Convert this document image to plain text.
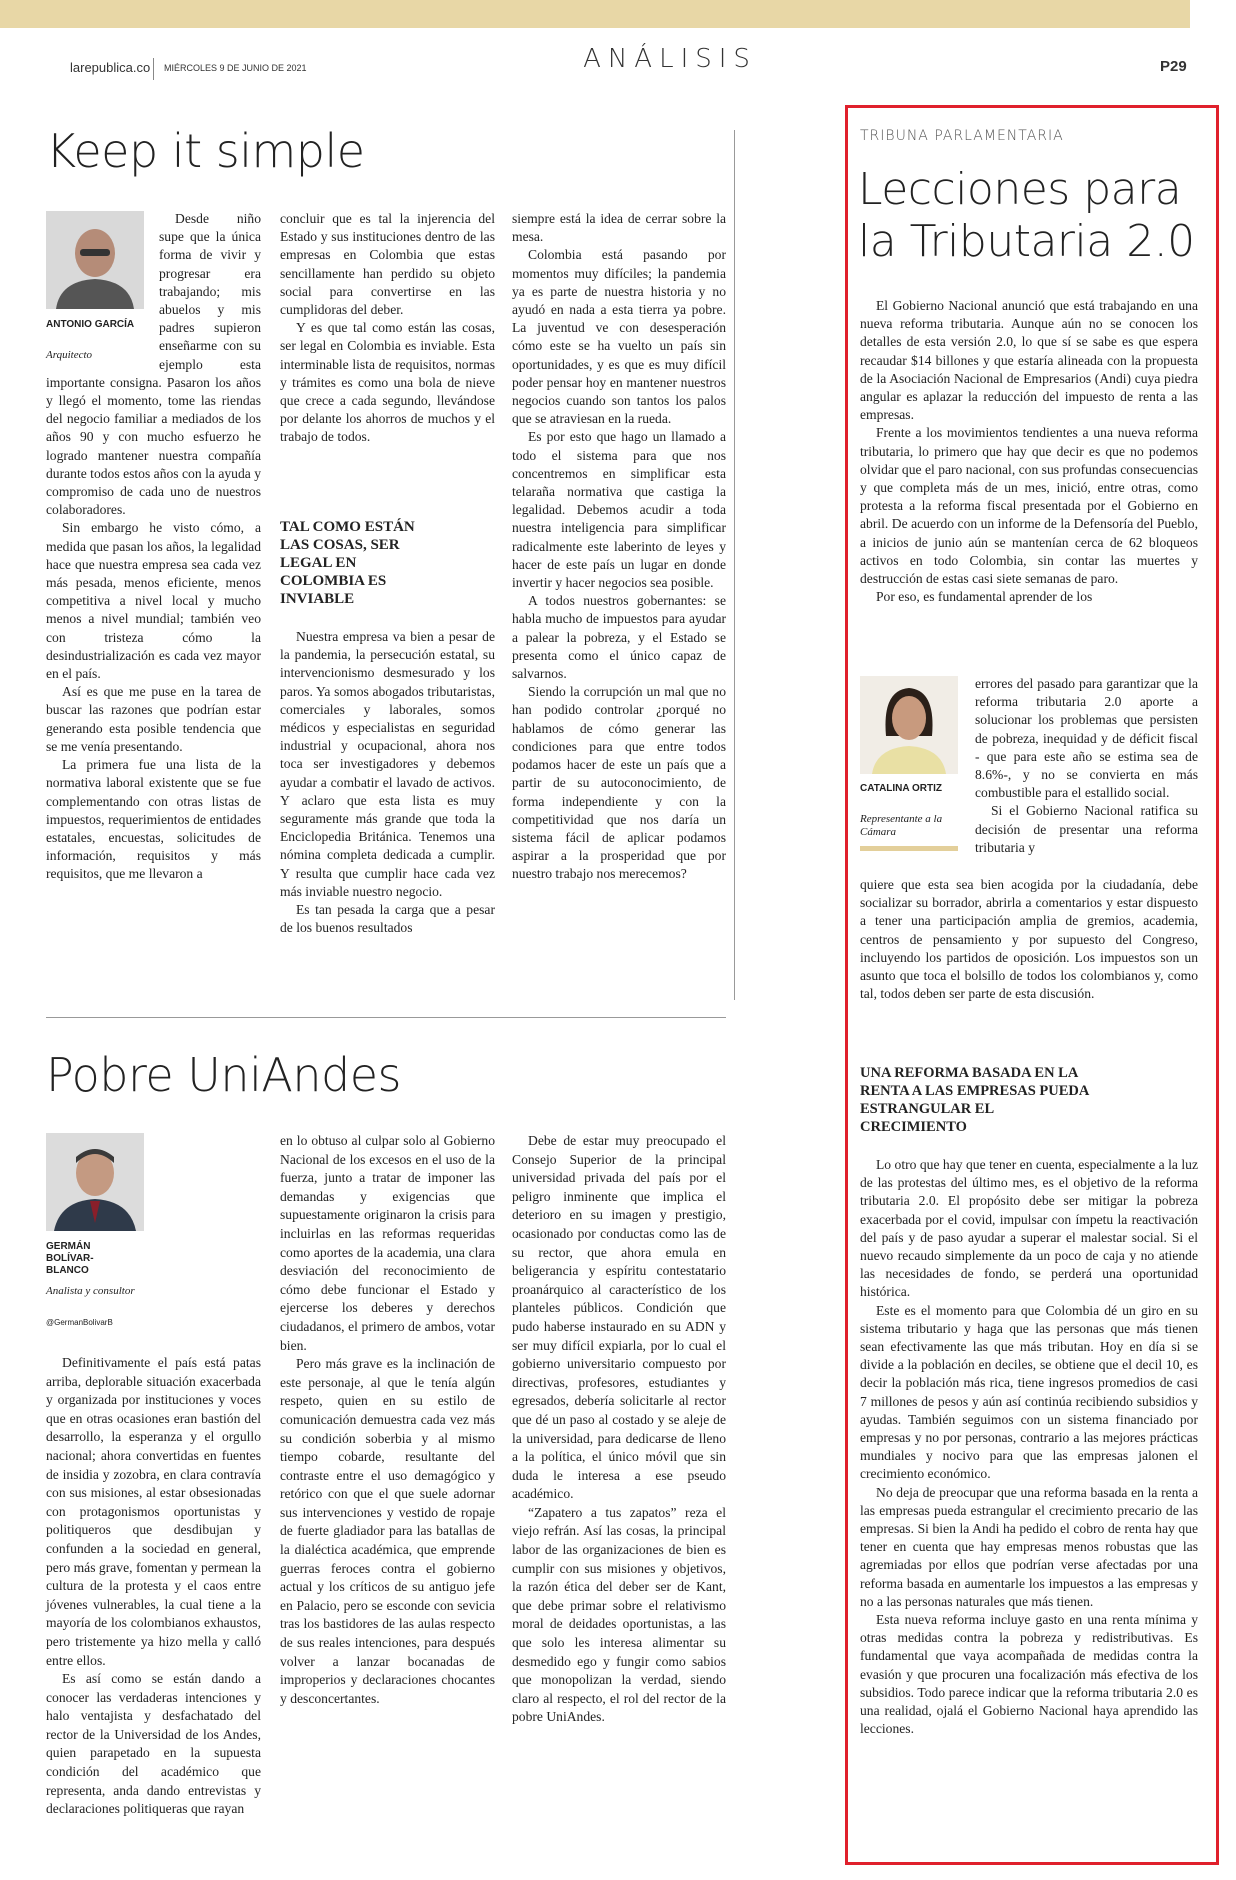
larepublica.co MIÉRCOLES 9 DE JUNIO DE 2021	ANÁLISIS	P29
Keep it simple
ANTONIO GARCÍA
Arquitecto

Desde niño supe que la única forma de vivir y progresar era trabajando; mis abuelos y mis padres supieron enseñarme con su ejemplo esta importante consigna. Pasaron los años y llegó el momento, tome las riendas del negocio familiar a mediados de los años 90 y con mucho esfuerzo he logrado mantener nuestra compañía durante todos estos años con la ayuda y compromiso de cada uno de nuestros colaboradores.

Sin embargo he visto cómo, a medida que pasan los años, la legalidad hace que nuestra empresa sea cada vez más pesada, menos eficiente, menos competitiva a nivel local y mucho menos a nivel mundial; también veo con tristeza cómo la desindustrialización es cada vez mayor en el país.

Así es que me puse en la tarea de buscar las razones que podrían estar generando esta posible tendencia que se me venía presentando.

La primera fue una lista de la normativa laboral existente que se fue complementando con otras listas de impuestos, requerimientos de entidades estatales, encuestas, solicitudes de información, requisitos y más requisitos, que me llevaron a

concluir que es tal la injerencia del Estado y sus instituciones dentro de las empresas en Colombia que estas sencillamente han perdido su objeto social para convertirse en las cumplidoras del deber.

Y es que tal como están las cosas, ser legal en Colombia es inviable. Esta interminable lista de requisitos, normas y trámites es como una bola de nieve que crece a cada segundo, llevándose por delante los ahorros de muchos y el trabajo de todos.

TAL COMO ESTÁN LAS COSAS, SER LEGAL EN COLOMBIA ES INVIABLE

Nuestra empresa va bien a pesar de la pandemia, la persecución estatal, su intervencionismo desmesurado y los paros. Ya somos abogados tributaristas, comerciales y laborales, somos médicos y especialistas en seguridad industrial y ocupacional, ahora nos toca ser investigadores y debemos ayudar a combatir el lavado de activos. Y aclaro que esta lista es muy seguramente más grande que toda la Enciclopedia Británica. Tenemos una nómina completa dedicada a cumplir. Y resulta que cumplir hace cada vez más inviable nuestro negocio.

Es tan pesada la carga que a pesar de los buenos resultados

siempre está la idea de cerrar sobre la mesa.

Colombia está pasando por momentos muy difíciles; la pandemia ya es parte de nuestra historia y no ayudó en nada a esta tierra ya pobre. La juventud ve con desesperación cómo este se ha vuelto un país sin oportunidades, y es que es muy difícil poder pensar hoy en mantener nuestros negocios cuando son tantos los palos que se atraviesan en la rueda.

Es por esto que hago un llamado a todo el sistema para que nos concentremos en simplificar esta telaraña normativa que castiga la legalidad. Debemos acudir a toda nuestra inteligencia para simplificar radicalmente este laberinto de leyes y hacer de este país un lugar en donde invertir y hacer negocios sea posible.

A todos nuestros gobernantes: se habla mucho de impuestos para ayudar a palear la pobreza, y el Estado se presenta como el único capaz de salvarnos.

Siendo la corrupción un mal que no han podido controlar ¿porqué no hablamos de cómo generar las condiciones para que entre todos podamos hacer de este un país que a partir de su autoconocimiento, de forma independiente y con la competitividad que nos daría un sistema fácil de aplicar podamos aspirar a la prosperidad que por nuestro trabajo nos merecemos?

Pobre UniAndes
GERMÁN BOLÍVAR-BLANCO
Analista y consultor
@GermanBolivarB

Definitivamente el país está patas arriba, deplorable situación exacerbada y organizada por instituciones y voces que en otras ocasiones eran bastión del desarrollo, la esperanza y el orgullo nacional; ahora convertidas en fuentes de insidia y zozobra, en clara contravía con sus misiones, al estar obsesionadas con protagonismos oportunistas y politiqueros que desdibujan y confunden a la sociedad en general, pero más grave, fomentan y permean la cultura de la protesta y el caos entre jóvenes vulnerables, la cual tiene a la mayoría de los colombianos exhaustos, pero tristemente ya hizo mella y calló entre ellos.

Es así como se están dando a conocer las verdaderas intenciones y halo ventajista y desfachatado del rector de la Universidad de los Andes, quien parapetado en la supuesta condición del académico que representa, anda dando entrevistas y declaraciones politiqueras que rayan

en lo obtuso al culpar solo al Gobierno Nacional de los excesos en el uso de la fuerza, junto a tratar de imponer las demandas y exigencias que supuestamente originaron la crisis para incluirlas en las reformas requeridas como aportes de la academia, una clara desviación del reconocimiento de cómo debe funcionar el Estado y ejercerse los deberes y derechos ciudadanos, el primero de ambos, votar bien.

Pero más grave es la inclinación de este personaje, al que le tenía algún respeto, quien en su estilo de comunicación demuestra cada vez más su condición soberbia y al mismo tiempo cobarde, resultante del contraste entre el uso demagógico y retórico con que el que suele adornar sus intervenciones y vestido de ropaje de fuerte gladiador para las batallas de la dialéctica académica, que emprende guerras feroces contra el gobierno actual y los críticos de su antiguo jefe en Palacio, pero se esconde con sevicia tras los bastidores de las aulas respecto de sus reales intenciones, para después volver a lanzar bocanadas de improperios y declaraciones chocantes y desconcertantes.

Debe de estar muy preocupado el Consejo Superior de la principal universidad privada del país por el peligro inminente que implica el deterioro en su imagen y prestigio, ocasionado por conductas como las de su rector, que ahora emula en beligerancia y espíritu contestatario proanárquico al característico de los planteles públicos. Condición que pudo haberse instaurado en su ADN y ser muy difícil expiarla, por lo cual el gobierno universitario compuesto por directivas, profesores, estudiantes y egresados, debería solicitarle al rector que dé un paso al costado y se aleje de la universidad, para dedicarse de lleno a la política, el único móvil que sin duda le interesa a ese pseudo académico.

“Zapatero a tus zapatos” reza el viejo refrán. Así las cosas, la principal labor de las organizaciones de bien es cumplir con sus misiones y objetivos, la razón ética del deber ser de Kant, que debe primar sobre el relativismo moral de deidades oportunistas, a las que solo les interesa alimentar su desmedido ego y fungir como sabios que monopolizan la verdad, siendo claro al respecto, el rol del rector de la pobre UniAndes.

TRIBUNA PARLAMENTARIA
Lecciones para
la Tributaria 2.0

El Gobierno Nacional anunció que está trabajando en una nueva reforma tributaria. Aunque aún no se conocen los detalles de esta versión 2.0, lo que sí se sabe es que espera recaudar $14 billones y que estaría alineada con la propuesta de la Asociación Nacional de Empresarios (Andi) cuya piedra angular es aplazar la reducción del impuesto de renta a las empresas.

Frente a los movimientos tendientes a una nueva reforma tributaria, lo primero que hay que decir es que no podemos olvidar que el paro nacional, con sus profundas consecuencias y que completa más de un mes, inició, entre otras, como protesta a la reforma fiscal presentada por el Gobierno en abril. De acuerdo con un informe de la Defensoría del Pueblo, a inicios de junio aún se mantenían cerca de 62 bloqueos activos en todo Colombia, sin contar las muertes y destrucción de estas casi siete semanas de paro.

Por eso, es fundamental aprender de los

CATALINA ORTIZ
Representante a la Cámara

errores del pasado para garantizar que la reforma tributaria 2.0 aporte a solucionar los problemas que persisten de pobreza, inequidad y de déficit fiscal - que para este año se estima sea de 8.6%-, y no se convierta en más combustible para el estallido social.

Si el Gobierno Nacional ratifica su decisión de presentar una reforma tributaria y

quiere que esta sea bien acogida por la ciudadanía, debe socializar su borrador, abrirla a comentarios y estar dispuesto a tener una participación amplia de gremios, academia, centros de pensamiento y por supuesto del Congreso, incluyendo los partidos de oposición. Los impuestos son un asunto que toca el bolsillo de todos los colombianos y, como tal, todos deben ser parte de esta discusión.

UNA REFORMA BASADA EN LA RENTA A LAS EMPRESAS PUEDA ESTRANGULAR EL CRECIMIENTO

Lo otro que hay que tener en cuenta, especialmente a la luz de las protestas del último mes, es el objetivo de la reforma tributaria 2.0. El propósito debe ser mitigar la pobreza exacerbada por el covid, impulsar con ímpetu la reactivación del país y de paso ayudar a superar el malestar social. Si el nuevo recaudo simplemente da un poco de caja y no atiende las necesidades de fondo, se perderá una oportunidad histórica.

Este es el momento para que Colombia dé un giro en su sistema tributario y haga que las personas que más tienen sean efectivamente las que más tributan. Hoy en día si se divide a la población en deciles, se obtiene que el decil 10, es decir la población más rica, tiene ingresos promedios de casi 7 millones de pesos y aún así continúa recibiendo subsidios y ayudas. También seguimos con un sistema financiado por empresas y no por personas, contrario a las mejores prácticas mundiales y nocivo para que las empresas jalonen el crecimiento económico.

No deja de preocupar que una reforma basada en la renta a las empresas pueda estrangular el crecimiento precario de las empresas. Si bien la Andi ha pedido el cobro de renta hay que tener en cuenta que hay empresas menos robustas que las agremiadas por ellos que podrían verse afectadas por una reforma basada en aumentarle los impuestos a las empresas y no a las personas naturales que más tienen.

Esta nueva reforma incluye gasto en una renta mínima y otras medidas contra la pobreza y redistributivas. Es fundamental que vaya acompañada de medidas contra la evasión y que procuren una focalización más efectiva de los subsidios. Todo parece indicar que la reforma tributaria 2.0 es una realidad, ojalá el Gobierno Nacional haya aprendido las lecciones.
